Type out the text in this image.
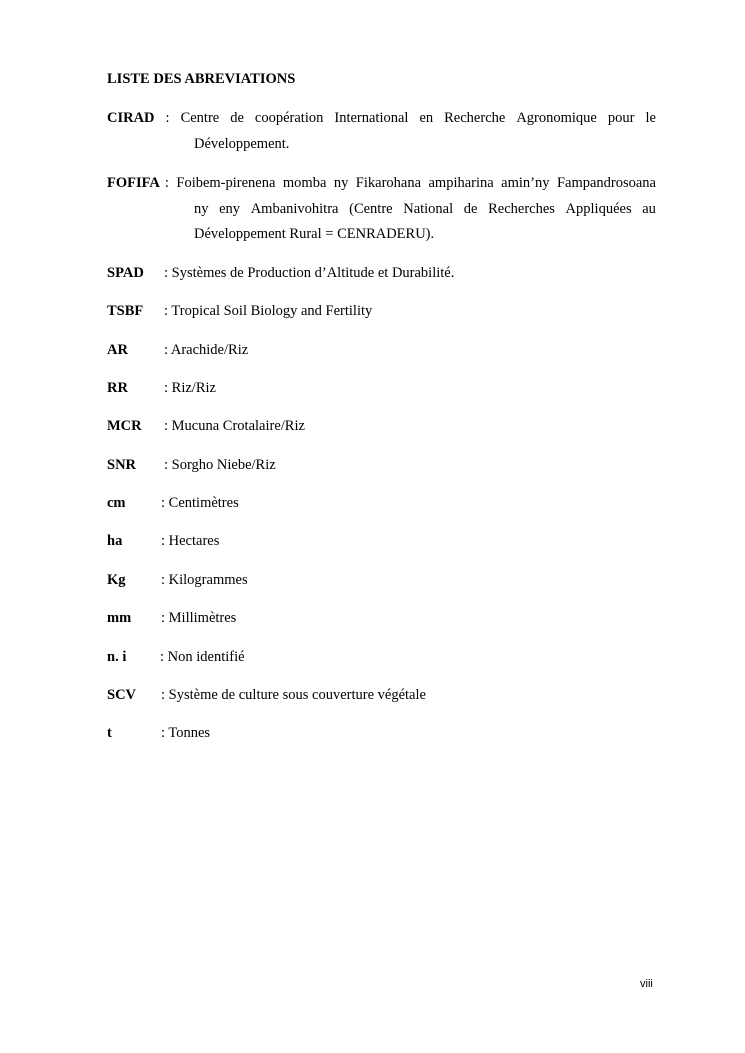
LISTE DES ABREVIATIONS
CIRAD : Centre de coopération International en Recherche Agronomique pour le
Développement.
FOFIFA : Foibem-pirenena momba ny Fikarohana ampiharina amin’ny Fampandrosoana
ny eny Ambanivohitra (Centre National de Recherches Appliquées au
Développement Rural = CENRADERU).
SPAD : Systèmes de Production d’Altitude et Durabilité.
TSBF : Tropical Soil Biology and Fertility
AR : Arachide/Riz
RR : Riz/Riz
MCR : Mucuna Crotalaire/Riz
SNR : Sorgho Niebe/Riz
cm : Centimètres
ha	: Hectares
Kg : Kilogrammes
mm : Millimètres
n. i : Non identifié
SCV : Système de culture sous couverture végétale
t	: Tonnes
viii
